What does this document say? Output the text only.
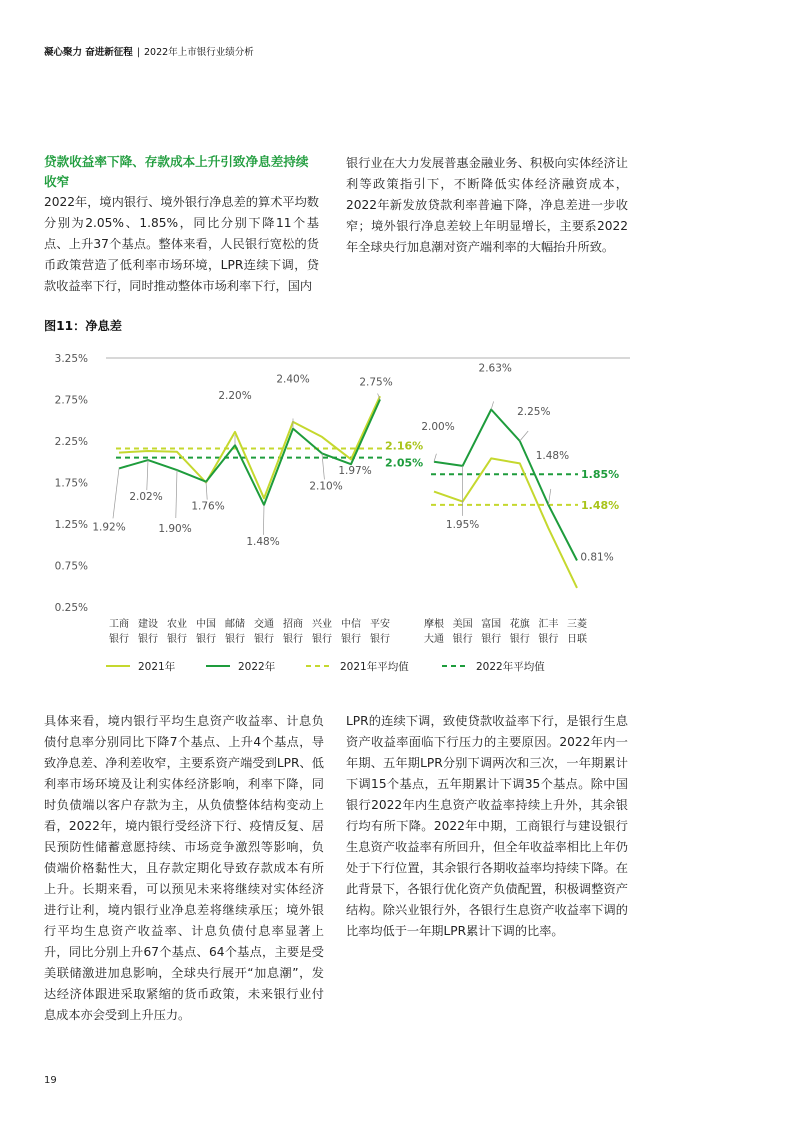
凝心聚力 奋进新征程 | 2022年上市银行业绩分析
贷款收益率下降、存款成本上升引致净息差持续收窄

2022年，境内银行、境外银行净息差的算术平均数分别为2.05%、1.85%，同比分别下降11个基点、上升37个基点。整体来看，人民银行宽松的货币政策营造了低利率市场环境，LPR连续下调，贷款收益率下行，同时推动整体市场利率下行，国内

银行业在大力发展普惠金融业务、积极向实体经济让利等政策指引下，不断降低实体经济融资成本，2022年新发放贷款利率普遍下降，净息差进一步收窄；境外银行净息差较上年明显增长，主要系2022年全球央行加息潮对资产端利率的大幅抬升所致。

图11：净息差
3.25%
2.75%
2.25%
1.75%
1.25%
0.75%
0.25%
2.16%
2.05%
1.92%
2.02%
1.90%
1.76%
2.20%
1.48%
2.40%
2.10%
1.97%
2.75%
工商
银行
建设
银行
农业
银行
中国
银行
邮储
银行
交通
银行
招商
银行
兴业
银行
中信
银行
平安
银行
1.48%
1.85%
2.00%
1.95%
2.63%
2.25%
1.48%
0.81%
摩根
大通
美国
银行
富国
银行
花旗
银行
汇丰
银行
三菱
日联
2021年	2022年	2021年平均值	2022年平均值

具体来看，境内银行平均生息资产收益率、计息负债付息率分别同比下降7个基点、上升4个基点，导致净息差、净利差收窄，主要系资产端受到LPR、低利率市场环境及让利实体经济影响，利率下降，同时负债端以客户存款为主，从负债整体结构变动上看，2022年，境内银行受经济下行、疫情反复、居民预防性储蓄意愿持续、市场竞争激烈等影响，负债端价格黏性大，且存款定期化导致存款成本有所上升。长期来看，可以预见未来将继续对实体经济进行让利，境内银行业净息差将继续承压；境外银行平均生息资产收益率、计息负债付息率显著上升，同比分别上升67个基点、64个基点，主要是受美联储激进加息影响，全球央行展开“加息潮”，发达经济体跟进采取紧缩的货币政策，未来银行业付息成本亦会受到上升压力。

LPR的连续下调，致使贷款收益率下行，是银行生息资产收益率面临下行压力的主要原因。2022年内一年期、五年期LPR分别下调两次和三次，一年期累计下调15个基点，五年期累计下调35个基点。除中国银行2022年内生息资产收益率持续上升外，其余银行均有所下降。2022年中期，工商银行与建设银行生息资产收益率有所回升，但全年收益率相比上年仍处于下行位置，其余银行各期收益率均持续下降。在此背景下，各银行优化资产负债配置，积极调整资产结构。除兴业银行外，各银行生息资产收益率下调的比率均低于一年期LPR累计下调的比率。

19
